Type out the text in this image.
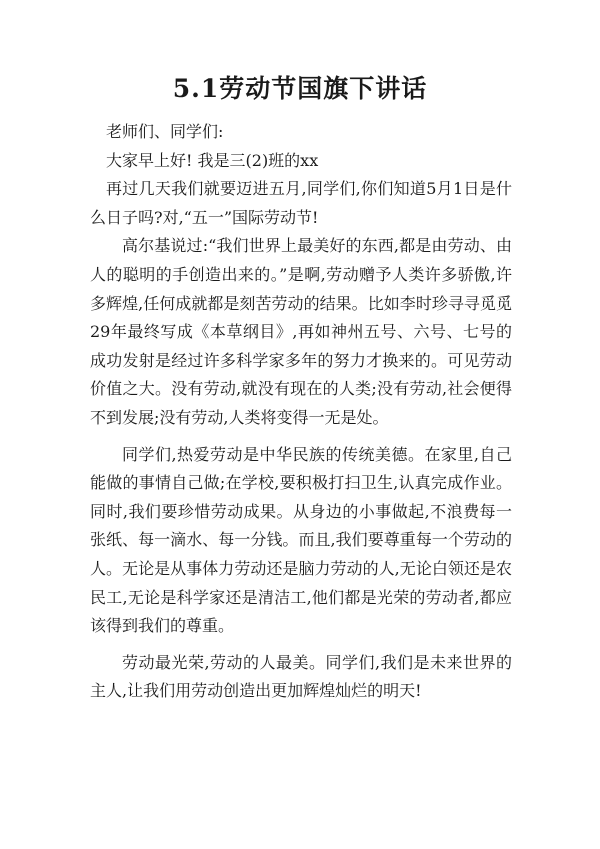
5.1劳动节国旗下讲话

老师们、同学们:

大家早上好! 我是三(2)班的xx

再过几天我们就要迈进五月,同学们,你们知道5月1日是什么日子吗?对,“五一”国际劳动节!

高尔基说过:“我们世界上最美好的东西,都是由劳动、由人的聪明的手创造出来的。”是啊,劳动赠予人类许多骄傲,许多辉煌,任何成就都是刻苦劳动的结果。比如李时珍寻寻觅觅29年最终写成《本草纲目》,再如神州五号、六号、七号的成功发射是经过许多科学家多年的努力才换来的。可见劳动价值之大。没有劳动,就没有现在的人类;没有劳动,社会便得不到发展;没有劳动,人类将变得一无是处。

同学们,热爱劳动是中华民族的传统美德。在家里,自己能做的事情自己做;在学校,要积极打扫卫生,认真完成作业。同时,我们要珍惜劳动成果。从身边的小事做起,不浪费每一张纸、每一滴水、每一分钱。而且,我们要尊重每一个劳动的人。无论是从事体力劳动还是脑力劳动的人,无论白领还是农民工,无论是科学家还是清洁工,他们都是光荣的劳动者,都应该得到我们的尊重。

劳动最光荣,劳动的人最美。同学们,我们是未来世界的主人,让我们用劳动创造出更加辉煌灿烂的明天!
